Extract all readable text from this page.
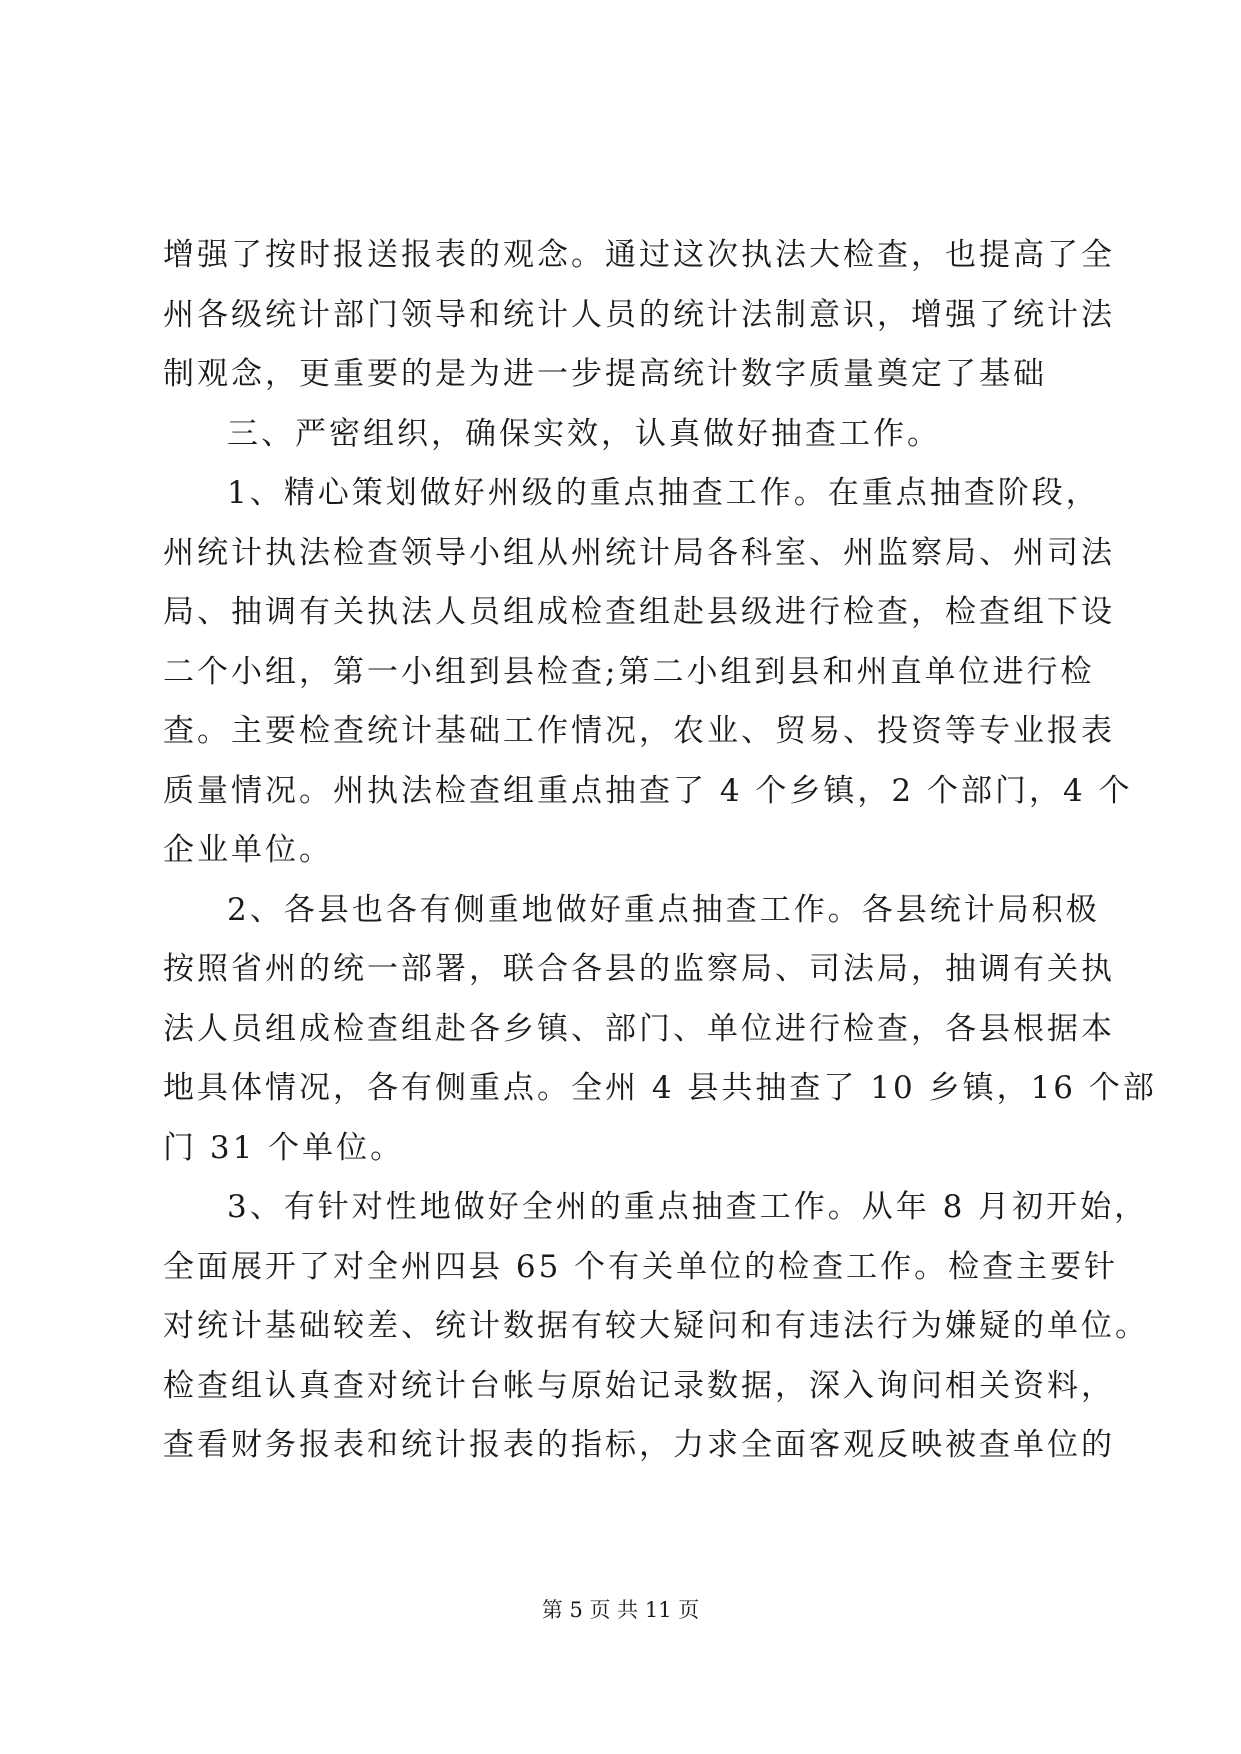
增强了按时报送报表的观念。通过这次执法大检查，也提高了全
州各级统计部门领导和统计人员的统计法制意识，增强了统计法
制观念，更重要的是为进一步提高统计数字质量奠定了基础
三、严密组织，确保实效，认真做好抽查工作。
1、精心策划做好州级的重点抽查工作。在重点抽查阶段，
州统计执法检查领导小组从州统计局各科室、州监察局、州司法
局、抽调有关执法人员组成检查组赴县级进行检查，检查组下设
二个小组，第一小组到县检查;第二小组到县和州直单位进行检
查。主要检查统计基础工作情况，农业、贸易、投资等专业报表
质量情况。州执法检查组重点抽查了 4 个乡镇，2 个部门，4 个
企业单位。
2、各县也各有侧重地做好重点抽查工作。各县统计局积极
按照省州的统一部署，联合各县的监察局、司法局，抽调有关执
法人员组成检查组赴各乡镇、部门、单位进行检查，各县根据本
地具体情况，各有侧重点。全州 4 县共抽查了 10 乡镇，16 个部
门 31 个单位。
3、有针对性地做好全州的重点抽查工作。从年 8 月初开始，
全面展开了对全州四县 65 个有关单位的检查工作。检查主要针
对统计基础较差、统计数据有较大疑问和有违法行为嫌疑的单位。
检查组认真查对统计台帐与原始记录数据，深入询问相关资料，
查看财务报表和统计报表的指标，力求全面客观反映被查单位的
第 5 页 共 11 页
